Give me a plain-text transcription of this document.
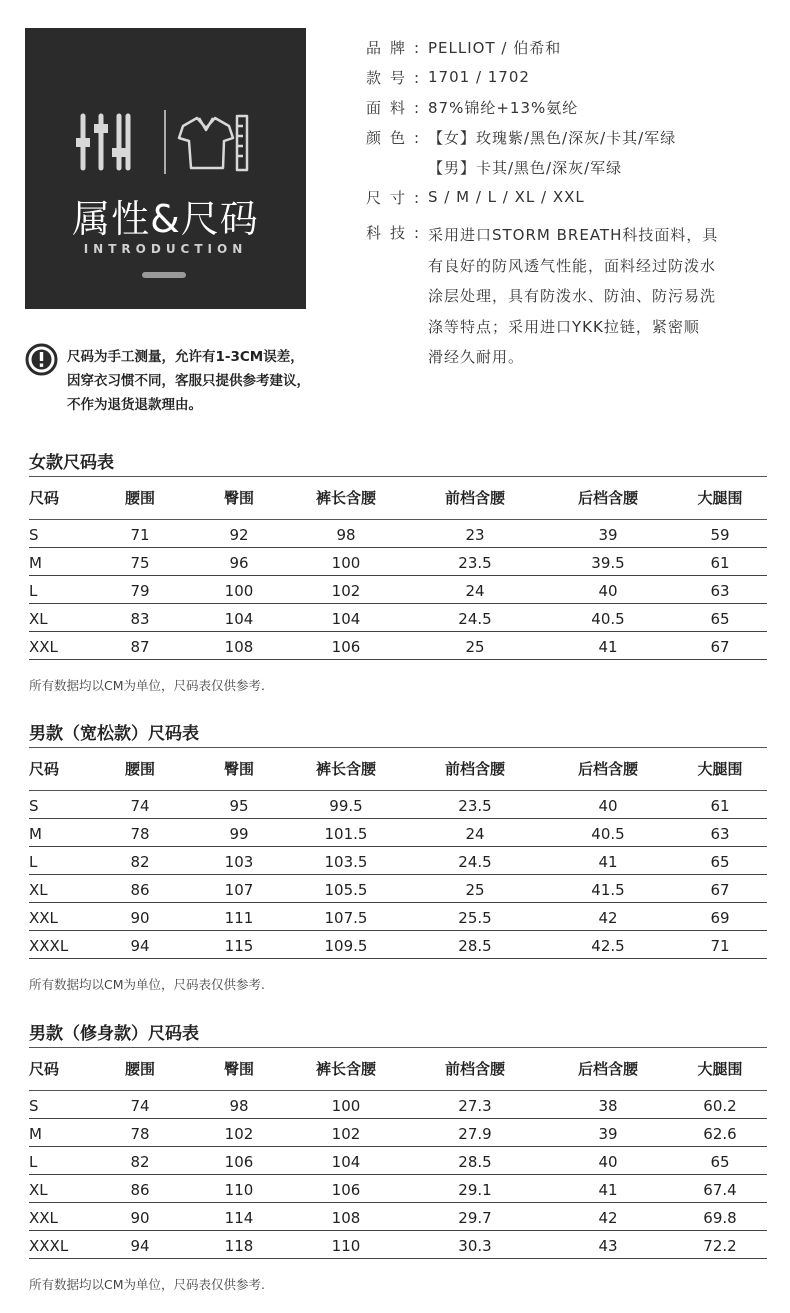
属性&尺码
INTRODUCTION
品牌: PELLIOT / 伯希和
款号: 1701 / 1702
面料: 87%锦纶+13%氨纶
颜色: 【女】玫瑰紫/黑色/深灰/卡其/军绿
【男】卡其/黑色/深灰/军绿
尺寸: S / M / L / XL / XXL
科技: 采用进口STORM BREATH科技面料，具
有良好的防风透气性能，面料经过防泼水
涂层处理，具有防泼水、防油、防污易洗
涤等特点；采用进口YKK拉链，紧密顺
滑经久耐用。
尺码为手工测量，允许有1-3CM误差，
因穿衣习惯不同，客服只提供参考建议，
不作为退货退款理由。
女款尺码表
尺码	腰围	臀围	裤长含腰	前档含腰	后档含腰	大腿围
S	71	92	98	23	39	59
M	75	96	100	23.5	39.5	61
L	79	100	102	24	40	63
XL	83	104	104	24.5	40.5	65
XXL	87	108	106	25	41	67
所有数据均以CM为单位，尺码表仅供参考.
男款（宽松款）尺码表
尺码	腰围	臀围	裤长含腰	前档含腰	后档含腰	大腿围
S	74	95	99.5	23.5	40	61
M	78	99	101.5	24	40.5	63
L	82	103	103.5	24.5	41	65
XL	86	107	105.5	25	41.5	67
XXL	90	111	107.5	25.5	42	69
XXXL	94	115	109.5	28.5	42.5	71
所有数据均以CM为单位，尺码表仅供参考.
男款（修身款）尺码表
尺码	腰围	臀围	裤长含腰	前档含腰	后档含腰	大腿围
S	74	98	100	27.3	38	60.2
M	78	102	102	27.9	39	62.6
L	82	106	104	28.5	40	65
XL	86	110	106	29.1	41	67.4
XXL	90	114	108	29.7	42	69.8
XXXL	94	118	110	30.3	43	72.2
所有数据均以CM为单位，尺码表仅供参考.
